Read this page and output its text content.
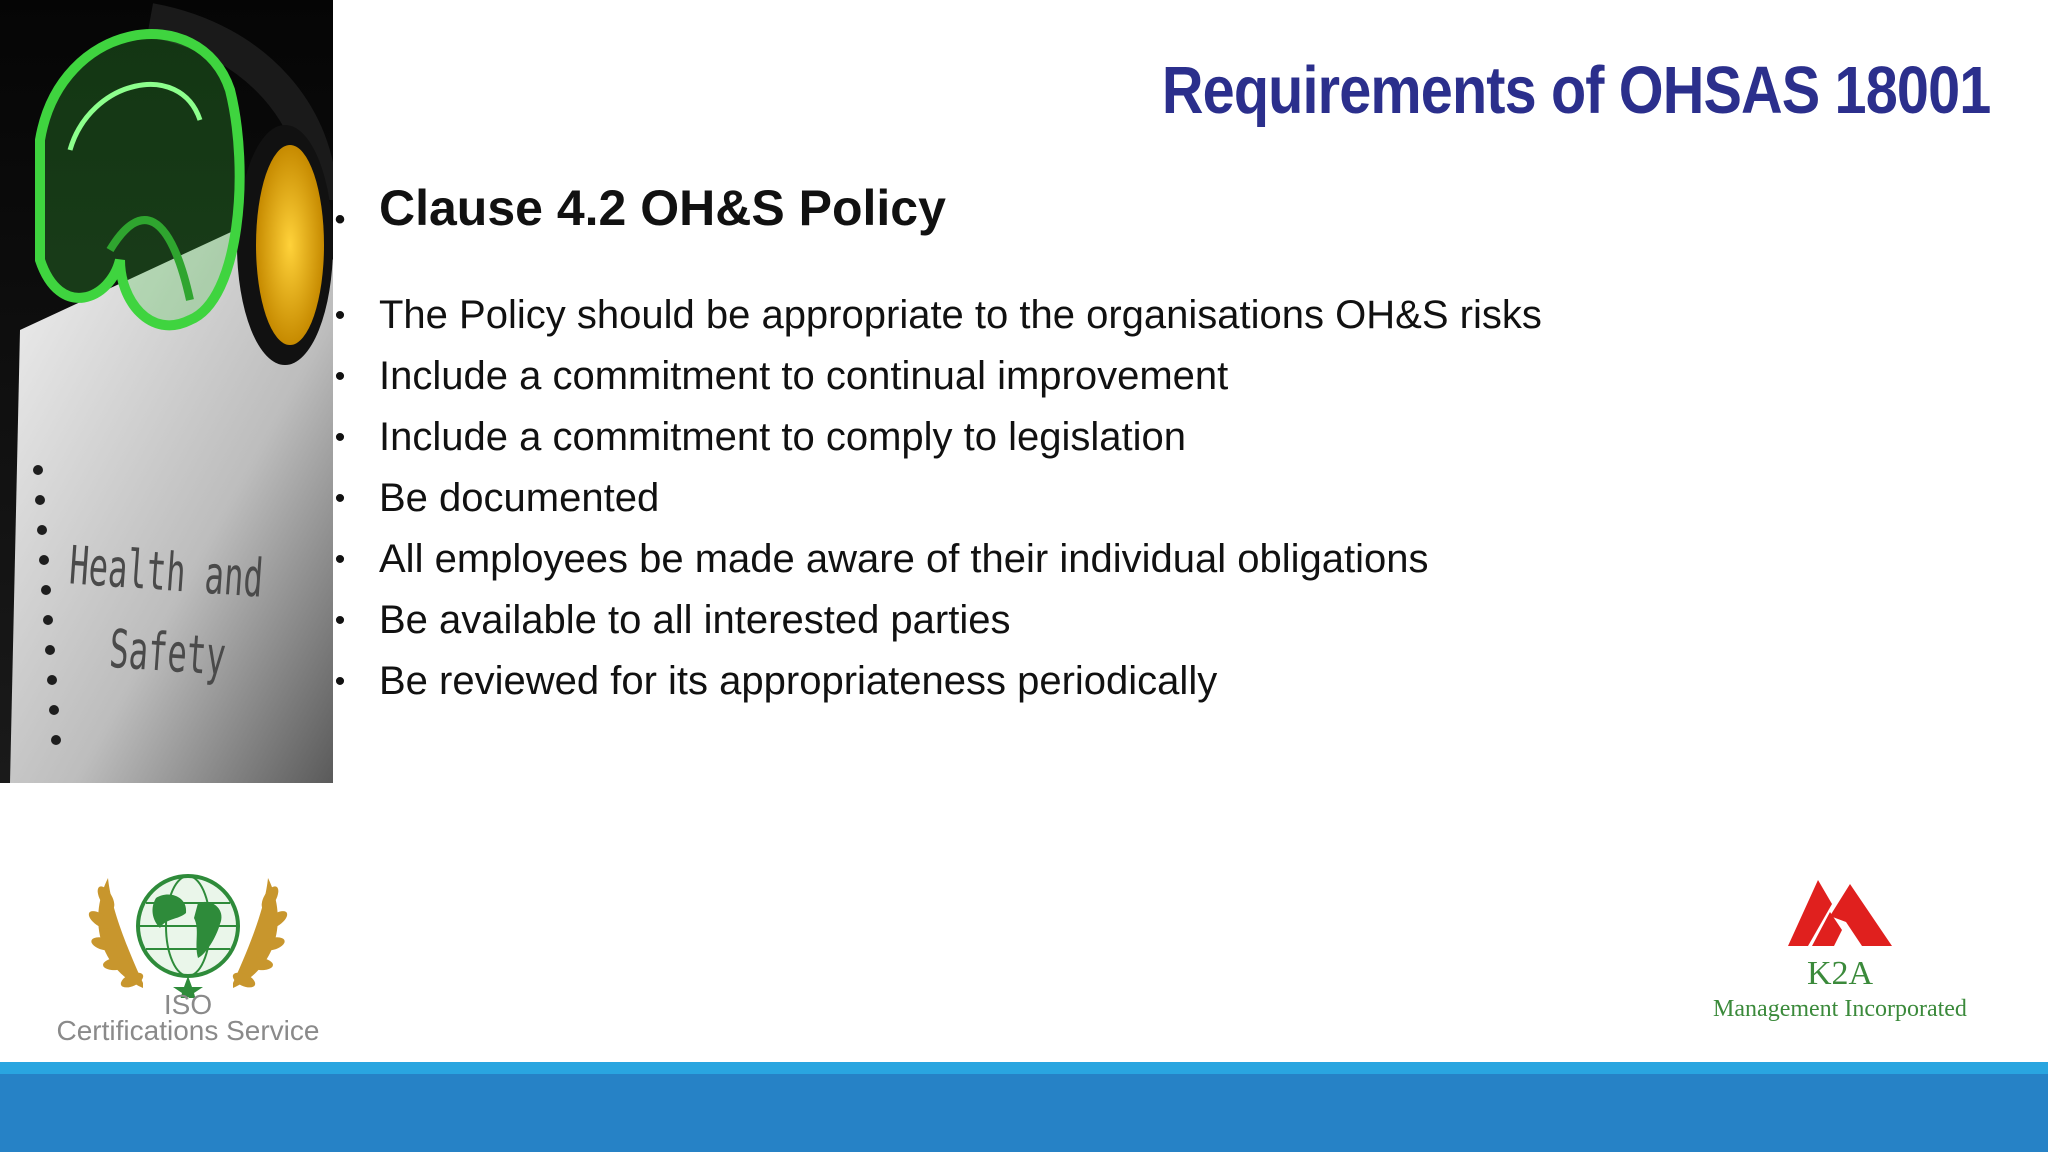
Health and
Safety
Requirements of OHSAS 18001
• Clause 4.2 OH&S Policy
• The Policy should be appropriate to the organisations OH&S risks
• Include a commitment to continual improvement
• Include a commitment to comply to legislation
• Be documented
• All employees be made aware of their individual obligations
• Be available to all interested parties
• Be reviewed for its appropriateness periodically
ISO
Certifications Service
K2A
Management Incorporated
